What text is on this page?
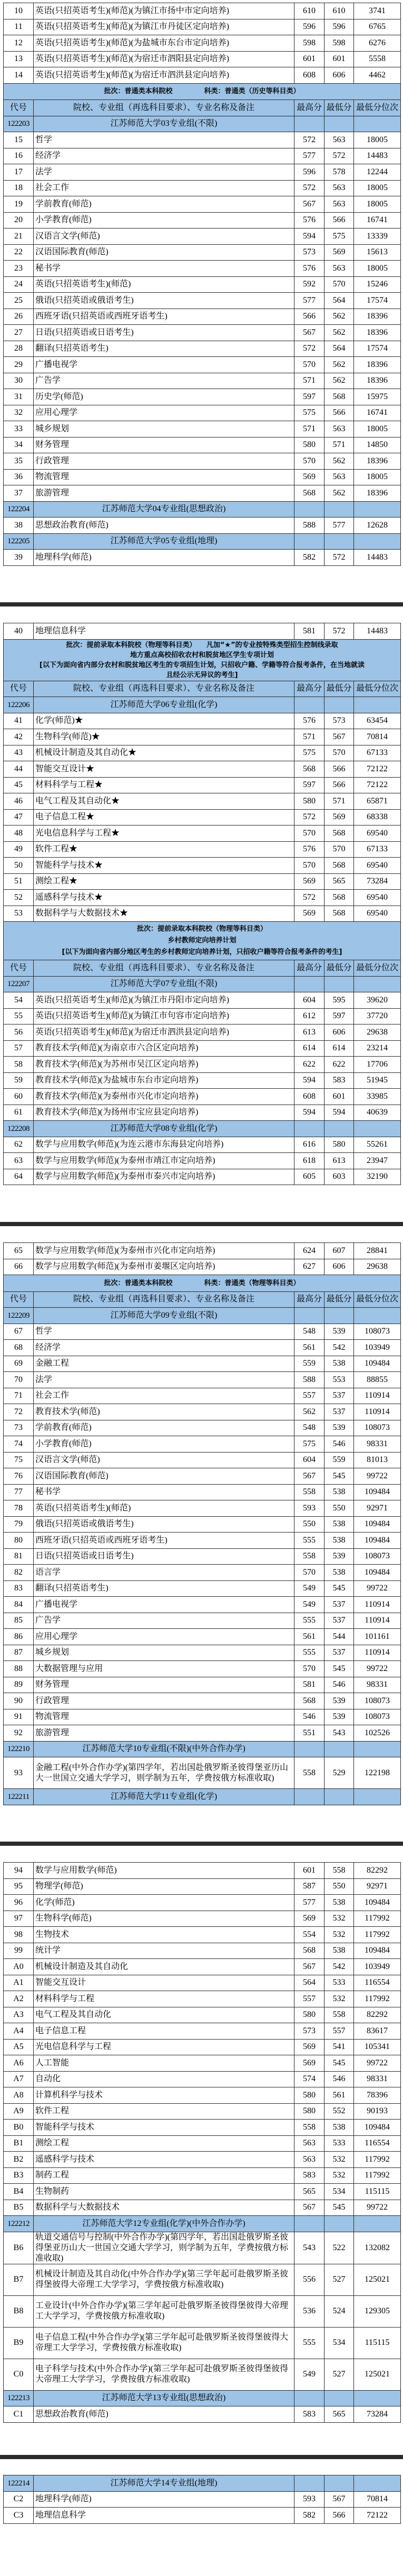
10	英语(只招英语考生)(师范)(为镇江市扬中市定向培养)	610	610	3741
11	英语(只招英语考生)(师范)(为镇江市丹徒区定向培养)	596	596	6765
12	英语(只招英语考生)(师范)(为盐城市东台市定向培养)	598	598	6276
13	英语(只招英语考生)(师范)(为宿迁市泗阳县定向培养)	601	601	5558
14	英语(只招英语考生)(师范)(为宿迁市泗洪县定向培养)	608	606	4462
批次：普通类本科院校 科类：普通类（历史等科目类）				
代号	院校、专业组（再选科目要求）、专业名称及备注	最高分	最低分	最低分位次
122203	江苏师范大学03专业组(不限)			
15	哲学	572	563	18005
16	经济学	577	572	14483
17	法学	596	578	12244
18	社会工作	572	563	18005
19	学前教育(师范)	567	563	18005
20	小学教育(师范)	576	566	16741
21	汉语言文学(师范)	594	575	13339
22	汉语国际教育(师范)	573	569	15613
23	秘书学	576	563	18005
24	英语(只招英语考生)(师范)	592	570	15246
25	俄语(只招英语或俄语考生)	577	564	17574
26	西班牙语(只招英语或西班牙语考生)	566	562	18396
27	日语(只招英语或日语考生)	567	562	18396
28	翻译(只招英语考生)	572	564	17574
29	广播电视学	570	562	18396
30	广告学	571	562	18396
31	历史学(师范)	597	568	15975
32	应用心理学	575	566	16741
33	城乡规划	571	563	18005
34	财务管理	580	571	14850
35	行政管理	570	562	18396
36	物流管理	569	563	18005
37	旅游管理	568	562	18396
122204	江苏师范大学04专业组(思想政治)			
38	思想政治教育(师范)	588	577	12628
122205	江苏师范大学05专业组(地理)			
39	地理科学(师范)	582	572	14483
40	地理信息科学	581	572	14483

批次：提前录取本科院校（物理等科目类）　　凡加“★”的专业按特殊类型招生控制线录取
地方重点高校招收农村和脱贫地区学生专项计划
[以下为面向省内部分农村和脱贫地区考生的专项招生计划，只招收户籍、学籍等符合报考条件，在当地就读
且经公示无异议的考生]				

代号	院校、专业组（再选科目要求）、专业名称及备注	最高分	最低分	最低分位次
122206	江苏师范大学06专业组(化学)			
41	化学(师范)★	576	573	63454
42	生物科学(师范)★	571	567	70814
43	机械设计制造及其自动化★	575	570	67133
44	智能交互设计★	568	566	72122
45	材料科学与工程★	597	566	72122
46	电气工程及其自动化★	580	571	65871
47	电子信息工程★	572	569	68338
48	光电信息科学与工程★	570	568	69540
49	软件工程★	576	570	67133
50	智能科学与技术★	570	568	69540
51	测绘工程★	569	565	73284
52	遥感科学与技术★	572	568	69540
53	数据科学与大数据技术★	569	568	69540

批次：提前录取本科院校（物理等科目类）
乡村教师定向培养计划
[以下为面向省内部分地区考生的乡村教师定向培养计划，只招收户籍等符合报考条件的考生]				

代号	院校、专业组（再选科目要求）、专业名称及备注	最高分	最低分	最低分位次
122207	江苏师范大学07专业组(不限)			
54	英语(只招英语考生)(师范)(为镇江市丹阳市定向培养)	604	595	39620
55	英语(只招英语考生)(师范)(为镇江市句容市定向培养)	612	597	37720
56	英语(只招英语考生)(师范)(为宿迁市泗洪县定向培养)	613	606	29638
57	教育技术学(师范)(为南京市六合区定向培养)	614	614	23214
58	教育技术学(师范)(为苏州市吴江区定向培养)	622	622	17706
59	教育技术学(师范)(为盐城市东台市定向培养)	594	583	51945
60	教育技术学(师范)(为泰州市兴化市定向培养)	608	601	33985
61	教育技术学(师范)(为扬州市宝应县定向培养)	594	594	40639
122208	江苏师范大学08专业组(化学)			
62	数学与应用数学(师范)(为连云港市东海县定向培养)	616	580	55261
63	数学与应用数学(师范)(为泰州市靖江市定向培养)	618	613	23947
64	数学与应用数学(师范)(为泰州市泰兴市定向培养)	605	603	32190
65	数学与应用数学(师范)(为泰州市兴化市定向培养)	624	607	28841
66	数学与应用数学(师范)(为泰州市姜堰区定向培养)	627	606	29638
批次：普通类本科院校 科类：普通类（物理等科目类）				
代号	院校、专业组（再选科目要求）、专业名称及备注	最高分	最低分	最低分位次
122209	江苏师范大学09专业组(不限)			
67	哲学	548	539	108073
68	经济学	561	542	103949
69	金融工程	559	538	109484
70	法学	588	553	88855
71	社会工作	557	537	110914
72	教育技术学(师范)	562	537	110914
73	学前教育(师范)	548	539	108073
74	小学教育(师范)	575	546	98331
75	汉语言文学(师范)	604	559	81013
76	汉语国际教育(师范)	567	545	99722
77	秘书学	558	538	109484
78	英语(只招英语考生)(师范)	593	550	92971
79	俄语(只招英语或俄语考生)	550	538	109484
80	西班牙语(只招英语或西班牙语考生)	555	538	109484
81	日语(只招英语或日语考生)	558	539	108073
82	语言学	570	538	109484
83	翻译(只招英语考生)	549	545	99722
84	广播电视学	549	537	110914
85	广告学	555	537	110914
86	应用心理学	561	544	101161
87	城乡规划	555	537	110914
88	大数据管理与应用	570	545	99722
89	财务管理	581	546	98331
90	行政管理	568	539	108073
91	物流管理	546	539	108073
92	旅游管理	551	543	102526
122210	江苏师范大学10专业组(不限)(中外合作办学)			
93	金融工程(中外合作办学)(第四学年，若出国赴俄罗斯圣彼得堡亚历山大一世国立交通大学学习，则学制为五年，学费按俄方标准收取)	558	529	122198
122211	江苏师范大学11专业组(化学)			
94	数学与应用数学(师范)	601	558	82292
95	物理学(师范)	587	550	92971
96	化学(师范)	577	538	109484
97	生物科学(师范)	569	532	117992
98	生物技术	554	532	117992
99	统计学	568	538	109484
A0	机械设计制造及其自动化	567	542	103949
A1	智能交互设计	564	533	116554
A2	材料科学与工程	557	532	117992
A3	电气工程及其自动化	580	558	82292
A4	电子信息工程	573	557	83617
A5	光电信息科学与工程	569	541	105341
A6	人工智能	569	545	99722
A7	自动化	574	546	98331
A8	计算机科学与技术	580	561	78396
A9	软件工程	580	552	90193
B0	智能科学与技术	558	538	109484
B1	测绘工程	563	533	116554
B2	遥感科学与技术	563	532	117992
B3	制药工程	583	532	117992
B4	生物制药	565	534	115115
B5	数据科学与大数据技术	567	545	99722
122212	江苏师范大学12专业组(化学)(中外合作办学)			
B6	轨道交通信号与控制(中外合作办学)(第四学年，若出国赴俄罗斯圣彼得堡亚历山大一世国立交通大学学习，则学制为五年，学费按俄方标准收取)	543	522	132082
B7	机械设计制造及其自动化(中外合作办学)(第三学年起可赴俄罗斯圣彼得堡彼得大帝理工大学学习，学费按俄方标准收取)	556	527	125021
B8	工业设计(中外合作办学)(第三学年起可赴俄罗斯圣彼得堡彼得大帝理工大学学习，学费按俄方标准收取)	536	524	129305
B9	电子信息工程(中外合作办学)(第三学年起可赴俄罗斯圣彼得堡彼得大帝理工大学学习，学费按俄方标准收取)	555	534	115115
C0	电子科学与技术(中外合作办学)(第三学年起可赴俄罗斯圣彼得堡彼得大帝理工大学学习，学费按俄方标准收取)	549	527	125021
122213	江苏师范大学13专业组(思想政治)			
C1	思想政治教育(师范)	583	565	73284
122214	江苏师范大学14专业组(地理)			
C2	地理科学(师范)	593	567	70814
C3	地理信息科学	582	566	72122
